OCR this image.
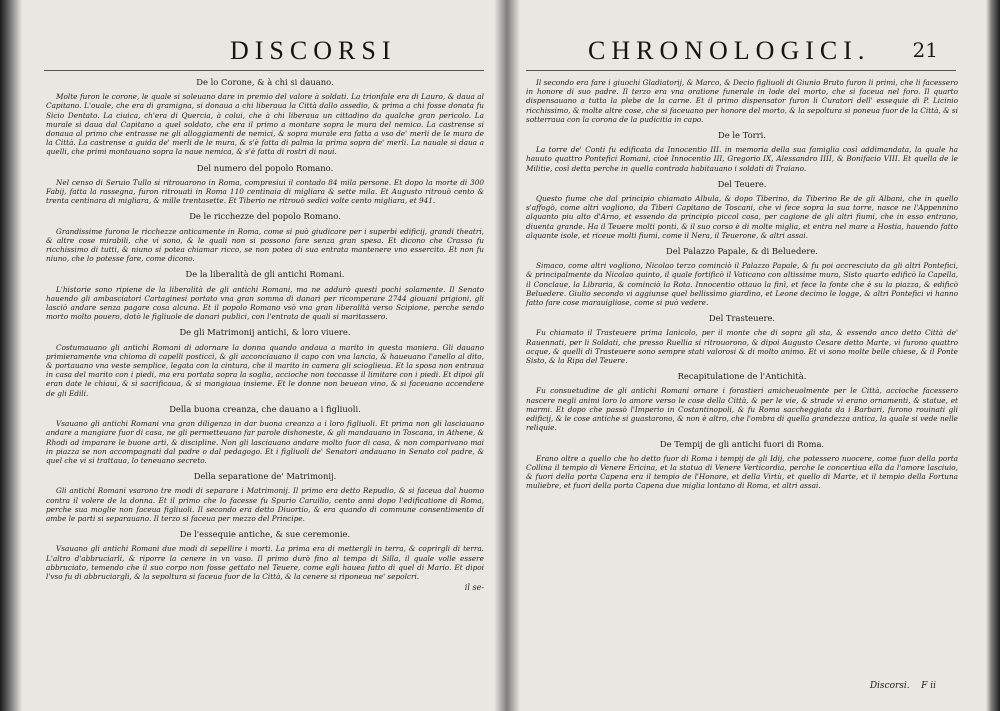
DISCORSI
De lo Corone, & à chi si dauano.

Molte furon le corone, le quale si soleuano dare in premio del valore à soldati. La trionfale era di Lauro, & daua al Capitano. L'ouale, che era di gramigna, si donaua a chi liberaua la Città dallo assedio, & prima a chi fosse donata fu Sicio Dentato. La ciuica, ch'era di Quercia, à colui, che à chi liberaua un cittadino da qualche gran pericolo. La murale si daua dal Capitano a quel soldato, che era il primo a montare sopra le mura del nemico. La castrense si donaua al primo che entrasse ne gli alloggiamenti de nemici, & sopra murale era fatta a vso de' merli de le mura de la Città. La castrense a guida de' merli de le mura, & s'è fatta di palma la prima sopra de' merli. La nauale si daua a quelli, che primi montauano sopra la naue nemica, & s'è fatta di rostri di naui.

Del numero del popolo Romano.

Nel censo di Seruio Tullo si ritrouarono in Roma, compresiui il contado 84 mila persone. Et dopo la morte di 300 Fabij, fatta la rassegna, furon ritrouati in Roma 110 centinaia di migliara & sette mila. Et Augusto ritrouò cento & trenta centinara di migliara, & mille trentasette. Et Tiberio ne ritrouò sedici volte cento migliara, et 941.

De le ricchezze del popolo Romano.

Grandissime furono le ricchezze anticamente in Roma, come si può giudicare per i superbi edificij, grandi theatri, & altre cose mirabili, che vi sono, & le quali non si possono fare senza gran spesa. Et dicono che Crasso fu ricchissimo di tutti, & niuno si potea chiamar ricco, se non potea di sua entrata mantenere vno essercito. Et non fu niuno, che lo potesse fare, come dicono.

De la liberalità de gli antichi Romani.

L'historie sono ripiene de la liberalità de gli antichi Romani, ma ne addurò questi pochi solamente. Il Senato hauendo gli ambasciatori Cartaginesi portato vna gran somma di danari per ricomperare 2744 giouani prigioni, gli lasciò andare senza pagare cosa alcuna. Et il popolo Romano vsò vna gran liberalità verso Scipione, perche sendo morto molto pouero, dotò le figliuole de danari publici, con l'entrata de quali si maritassero.

De gli Matrimonij antichi, & loro viuere.

Costumauano gli antichi Romani di adornare la donna quando andaua a marito in questa maniera. Gli dauano primieramente vna chioma di capelli posticci, & gli acconciauano il capo con vna lancia, & haueuano l'anello al dito, & portauano vna veste semplice, legata con la cintura, che il marito in camera gli scioglieua. Et la sposa non entraua in casa del marito con i piedi, ma era portata sopra la soglia, accioche non toccasse il limitare con i piedi. Et dipoi gli eran date le chiaui, & si sacrificaua, & si mangiaua insieme. Et le donne non beuean vino, & si faceuano accendere de gli Edili.

Della buona creanza, che dauano a i figliuoli.

Vsauano gli antichi Romani vna gran diligenza in dar buona creanza a i loro figliuoli. Et prima non gli lasciauano andare a mangiare fuor di casa, ne gli permetteuano far parole dishoneste, & gli mandauano in Toscana, in Athene, & Rhodi ad imparare le buone arti, & discipline. Non gli lasciauano andare molto fuor di casa, & non comparivano mai in piazza se non accompagnati dal padre o dal pedagogo. Et i figliuoli de' Senatori andauano in Senato col padre, & quel che vi si trattaua, lo teneuano secreto.

Della separatione de' Matrimonij.

Gli antichi Romani vsarono tre modi di separare i Matrimonij. Il primo era detto Repudio, & si faceua dal huomo contra il volere de la donna. Et il primo che lo facesse fu Spurio Caruilio, cento anni dopo l'edificatione di Roma, perche sua moglie non faceua figliuoli. Il secondo era detto Diuortio, & era quando di commune consentimento di ambe le parti si separauano. Il terzo si faceua per mezzo del Principe.

De l'essequie antiche, & sue ceremonie.

Vsauano gli antichi Romani due modi di sepellire i morti. La prima era di mettergli in terra, & coprirgli di terra. L'altro d'abbruciarli, & riporre la cenere in vn vaso. Il primo durò fino al tempo di Silla, il quale volle essere abbruciato, temendo che il suo corpo non fosse gettato nel Teuere, come egli hauea fatto di quel di Mario. Et dipoi l'vso fu di abbruciargli, & la sepoltura si faceua fuor de la Città, & la cenere si riponeua ne' sepolcri.

il se-
CHRONOLOGICI. 21

Il secondo era fare i giuochi Gladiatorij, & Marco, & Decio figliuoli di Giunio Bruto furon li primi, che li facessero in honore di suo padre. Il terzo era vna oratione funerale in lode del morto, che si faceua nel foro. Il quarto dispensauano a tutta la plebe de la carne. Et il primo dispensator furon li Curatori dell' essequie di P. Licinio ricchissimo, & molte altre cose, che si faceuano per honore del morto, & la sepoltura si poneua fuor de la Città, & si sotterraua con la corona de la pudicitia in capo.

De le Torri.

La torre de' Conti fu edificata da Innocentio III. in memoria della sua famiglia così addimandata, la quale ha hauuto quattro Pontefici Romani, cioè Innocentio III, Gregorio IX, Alessandro IIII, & Bonifacio VIII. Et quella de le Militie, così detta perche in quella contrada habitauano i soldati di Traiano.

Del Teuere.

Questo fiume che dal principio chiamato Albula, & dopo Tiberino, da Tiberino Re de gli Albani, che in quello s'affogò, come altri vogliono, da Tiberi Capitano de Toscani, che vi fece sopra la sua torre, nasce ne l'Appennino alquanto piu alto d'Arno, et essendo da principio piccol cosa, per cagione de gli altri fiumi, che in esso entrano, diuenta grande. Ha il Teuere molti ponti, & il suo corso è di molte miglia, et entra nel mare a Hostia, hauendo fatto alquante isole, et riceue molti fiumi, come il Nera, il Teuerone, & altri assai.

Del Palazzo Papale, & di Beluedere.

Simaco, come altri vogliono, Nicolao terzo cominciò il Palazzo Papale, & fu poi accresciuto da gli altri Pontefici, & principalmente da Nicolao quinto, il quale fortificò il Vaticano con altissime mura, Sisto quarto edificò la Capella, il Conclaue, la Libraria, & cominciò la Rota. Innocentio ottauo la finì, et fece la fonte che è su la piazza, & edificò Beluedere. Giulio secondo vi aggiunse quel bellissimo giardino, et Leone decimo le logge, & altri Pontefici vi hanno fatto fare cose marauigliose, come si può vedere.

Del Trasteuere.

Fu chiamato il Trasteuere prima Ianicolo, per il monte che di sopra gli sta, & essendo anco detto Città de' Rauennati, per li Soldati, che presso Ruellia si ritrouorono, & dipoi Augusto Cesare detto Marte, vi furono quattro acque, & quelli di Trasteuere sono sempre stati valorosi & di molto animo. Et vi sono molte belle chiese, & il Ponte Sisto, & la Ripa del Teuere.

Recapitulatione de l'Antichità.

Fu consuetudine de gli antichi Romani ornare i forastieri amicheuolmente per le Città, accioche facessero nascere negli animi loro lo amore verso le cose della Città, & per le vie, & strade vi erano ornamenti, & statue, et marmi. Et dopo che passò l'Imperio in Costantinopoli, & fu Roma saccheggiata da i Barbari, furono rouinati gli edificij, & le cose antiche si guastarono, & non è altro, che l'ombra di quella grandezza antica, la quale si vede nelle reliquie.

De Tempij de gli antichi fuori di Roma.

Erano oltre a quello che ho detto fuor di Roma i tempij de gli Idij, che potessero nuocere, come fuor della porta Collina il tempio di Venere Ericina, et la statua di Venere Verticordia, perche le concertiua ella da l'amore lasciuio, & fuori della porta Capena era il tempio de l'Honore, et della Virtù, et quello di Marte, et il tempio della Fortuna muliebre, et fuori della porta Capena due miglia lontano di Roma, et altri assai.

Discorsi. F ii
